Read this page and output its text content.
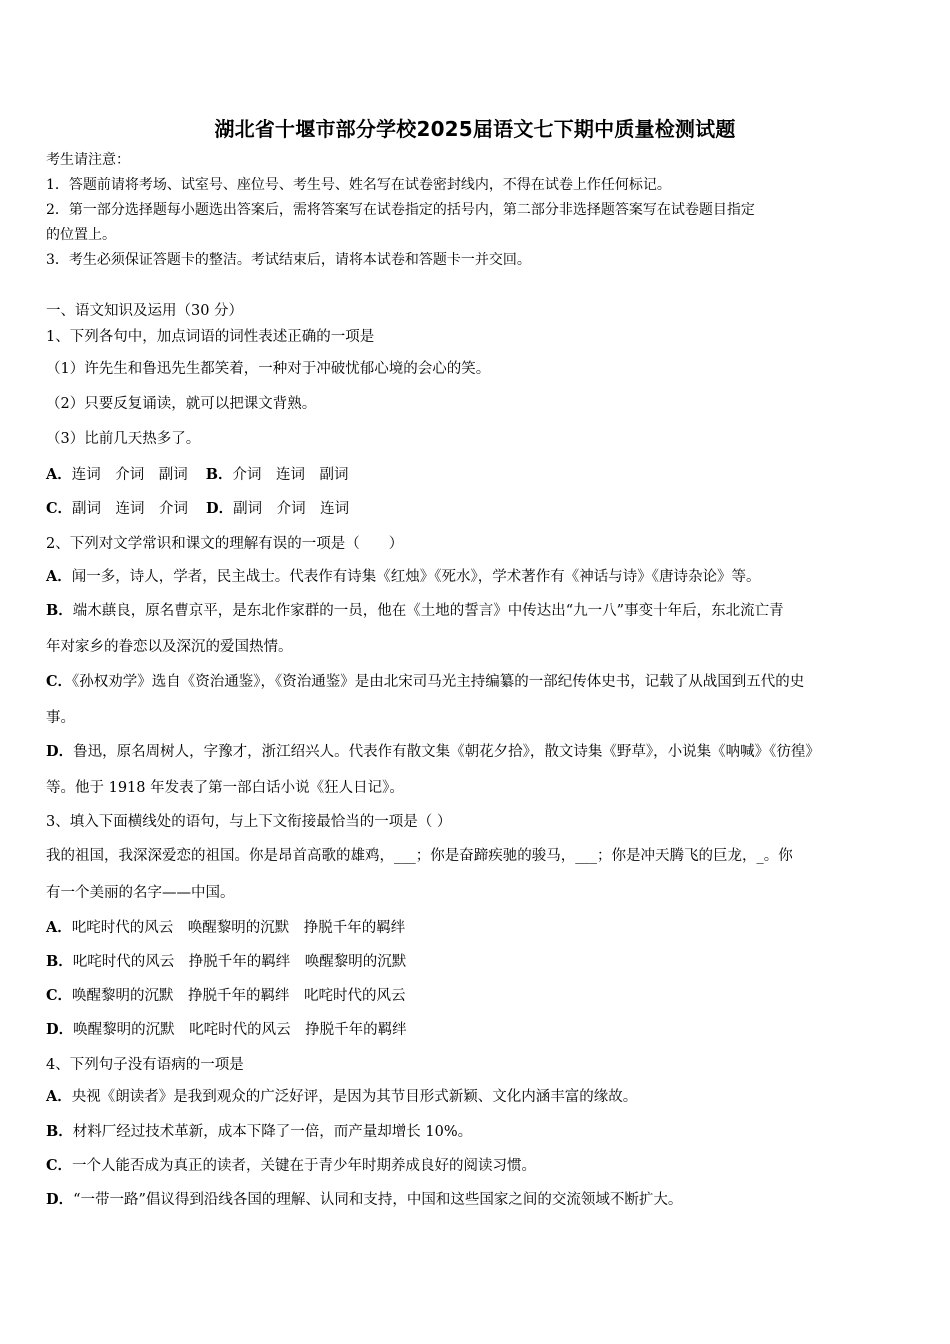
湖北省十堰市部分学校2025届语文七下期中质量检测试题
考生请注意：
1．答题前请将考场、试室号、座位号、考生号、姓名写在试卷密封线内，不得在试卷上作任何标记。
2．第一部分选择题每小题选出答案后，需将答案写在试卷指定的括号内，第二部分非选择题答案写在试卷题目指定
的位置上。
3．考生必须保证答题卡的整洁。考试结束后，请将本试卷和答题卡一并交回。
一、语文知识及运用（30 分）
1、下列各句中，加点词语的词性表述正确的一项是
（1）许先生和鲁迅先生都笑着，一种对于冲破忧郁心境的会心的笑。
（2）只要反复诵读，就可以把课文背熟。
（3）比前几天热多了。
A．连词　介词　副词 B．介词　连词　副词
C．副词　连词　介词 D．副词　介词　连词
2、下列对文学常识和课文的理解有误的一项是（　　）
A．闻一多，诗人，学者，民主战士。代表作有诗集《红烛》《死水》，学术著作有《神话与诗》《唐诗杂论》等。
B．端木蕻良，原名曹京平，是东北作家群的一员，他在《土地的誓言》中传达出“九一八”事变十年后，东北流亡青
年对家乡的眷恋以及深沉的爱国热情。
C．《孙权劝学》选自《资治通鉴》，《资治通鉴》是由北宋司马光主持编纂的一部纪传体史书，记载了从战国到五代的史
事。
D．鲁迅，原名周树人，字豫才，浙江绍兴人。代表作有散文集《朝花夕拾》，散文诗集《野草》，小说集《呐喊》《彷徨》
等。他于 1918 年发表了第一部白话小说《狂人日记》。
3、填入下面横线处的语句，与上下文衔接最恰当的一项是（ ）
我的祖国，我深深爱恋的祖国。你是昂首高歌的雄鸡，___；你是奋蹄疾驰的骏马，___；你是冲天腾飞的巨龙，_。你
有一个美丽的名字——中国。
A．叱咤时代的风云　唤醒黎明的沉默　挣脱千年的羁绊
B．叱咤时代的风云　挣脱千年的羁绊　唤醒黎明的沉默
C．唤醒黎明的沉默　挣脱千年的羁绊　叱咤时代的风云
D．唤醒黎明的沉默　叱咤时代的风云　挣脱千年的羁绊
4、下列句子没有语病的一项是
A．央视《朗读者》是我到观众的广泛好评，是因为其节目形式新颖、文化内涵丰富的缘故。
B．材料厂经过技术革新，成本下降了一倍，而产量却增长 10%。
C．一个人能否成为真正的读者，关键在于青少年时期养成良好的阅读习惯。
D．“一带一路”倡议得到沿线各国的理解、认同和支持，中国和这些国家之间的交流领域不断扩大。
